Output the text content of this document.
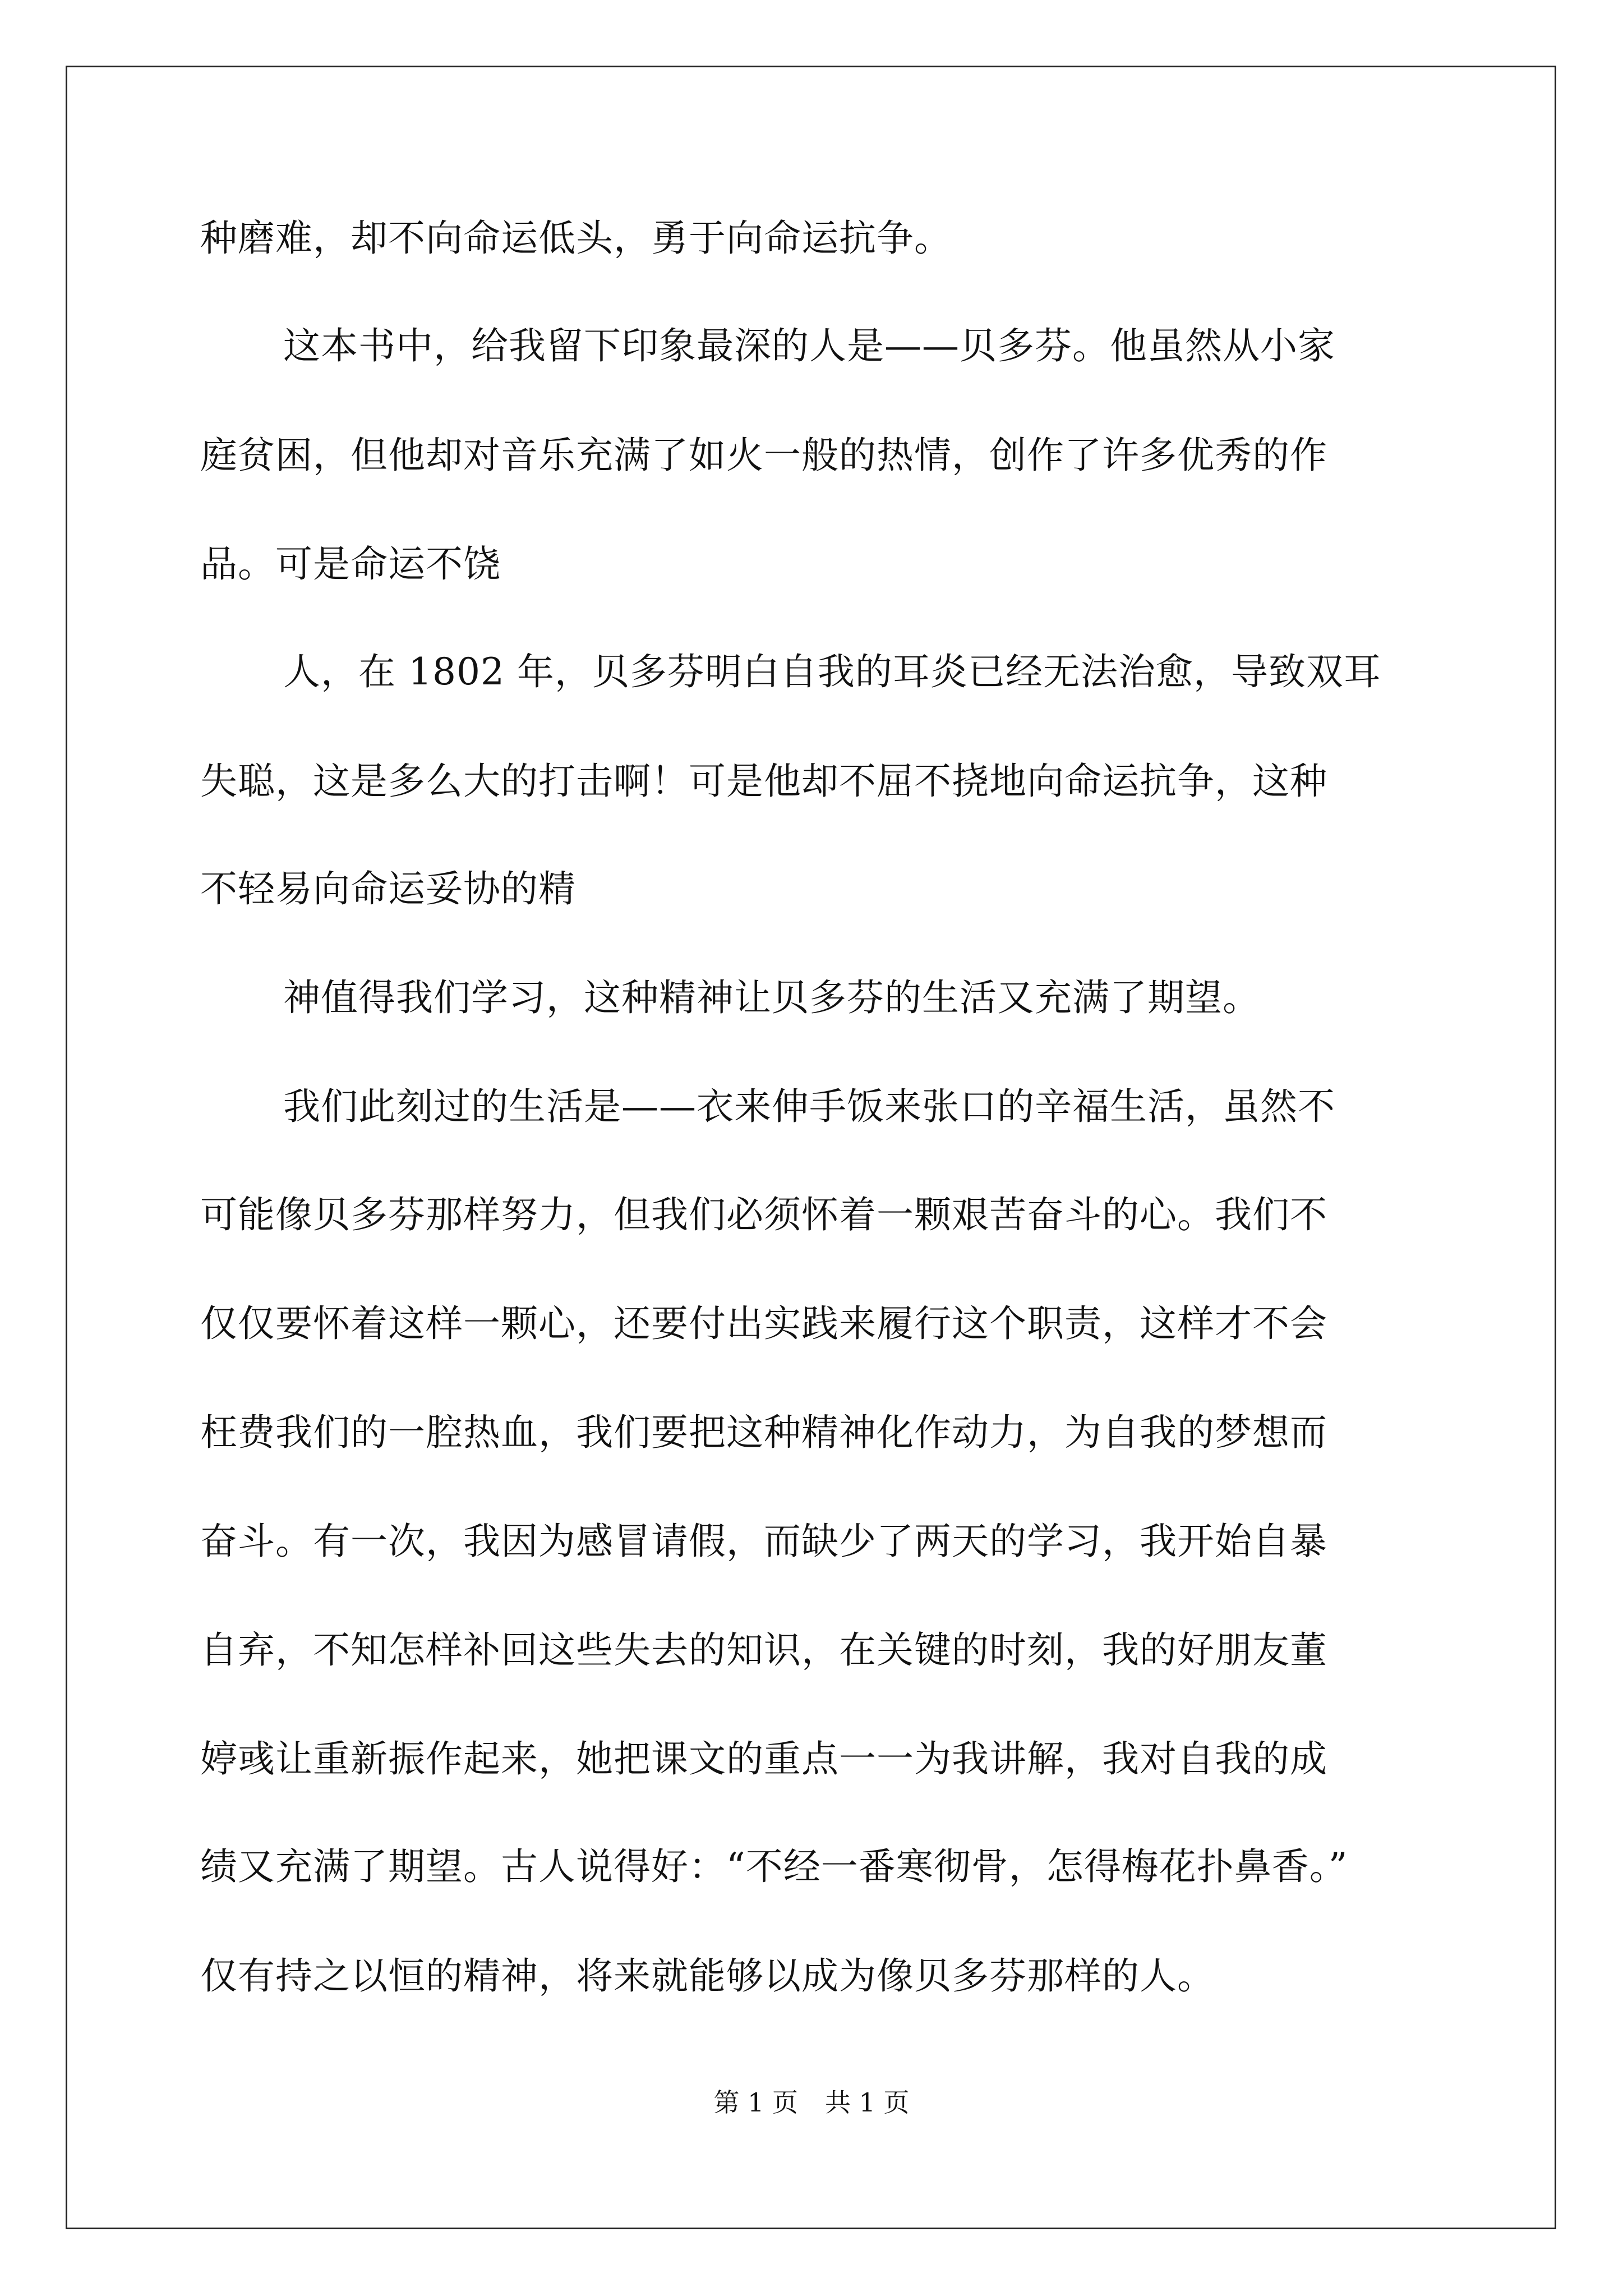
种磨难，却不向命运低头，勇于向命运抗争。
这本书中，给我留下印象最深的人是——贝多芬。他虽然从小家
庭贫困，但他却对音乐充满了如火一般的热情，创作了许多优秀的作
品。可是命运不饶
人，在 1802 年，贝多芬明白自我的耳炎已经无法治愈，导致双耳
失聪，这是多么大的打击啊！可是他却不屈不挠地向命运抗争，这种
不轻易向命运妥协的精
神值得我们学习，这种精神让贝多芬的生活又充满了期望。
我们此刻过的生活是——衣来伸手饭来张口的辛福生活，虽然不
可能像贝多芬那样努力，但我们必须怀着一颗艰苦奋斗的心。我们不
仅仅要怀着这样一颗心，还要付出实践来履行这个职责，这样才不会
枉费我们的一腔热血，我们要把这种精神化作动力，为自我的梦想而
奋斗。有一次，我因为感冒请假，而缺少了两天的学习，我开始自暴
自弃，不知怎样补回这些失去的知识，在关键的时刻，我的好朋友董
婷彧让重新振作起来，她把课文的重点一一为我讲解，我对自我的成
绩又充满了期望。古人说得好：“不经一番寒彻骨，怎得梅花扑鼻香。”
仅有持之以恒的精神，将来就能够以成为像贝多芬那样的人。
第 1 页 共 1 页
